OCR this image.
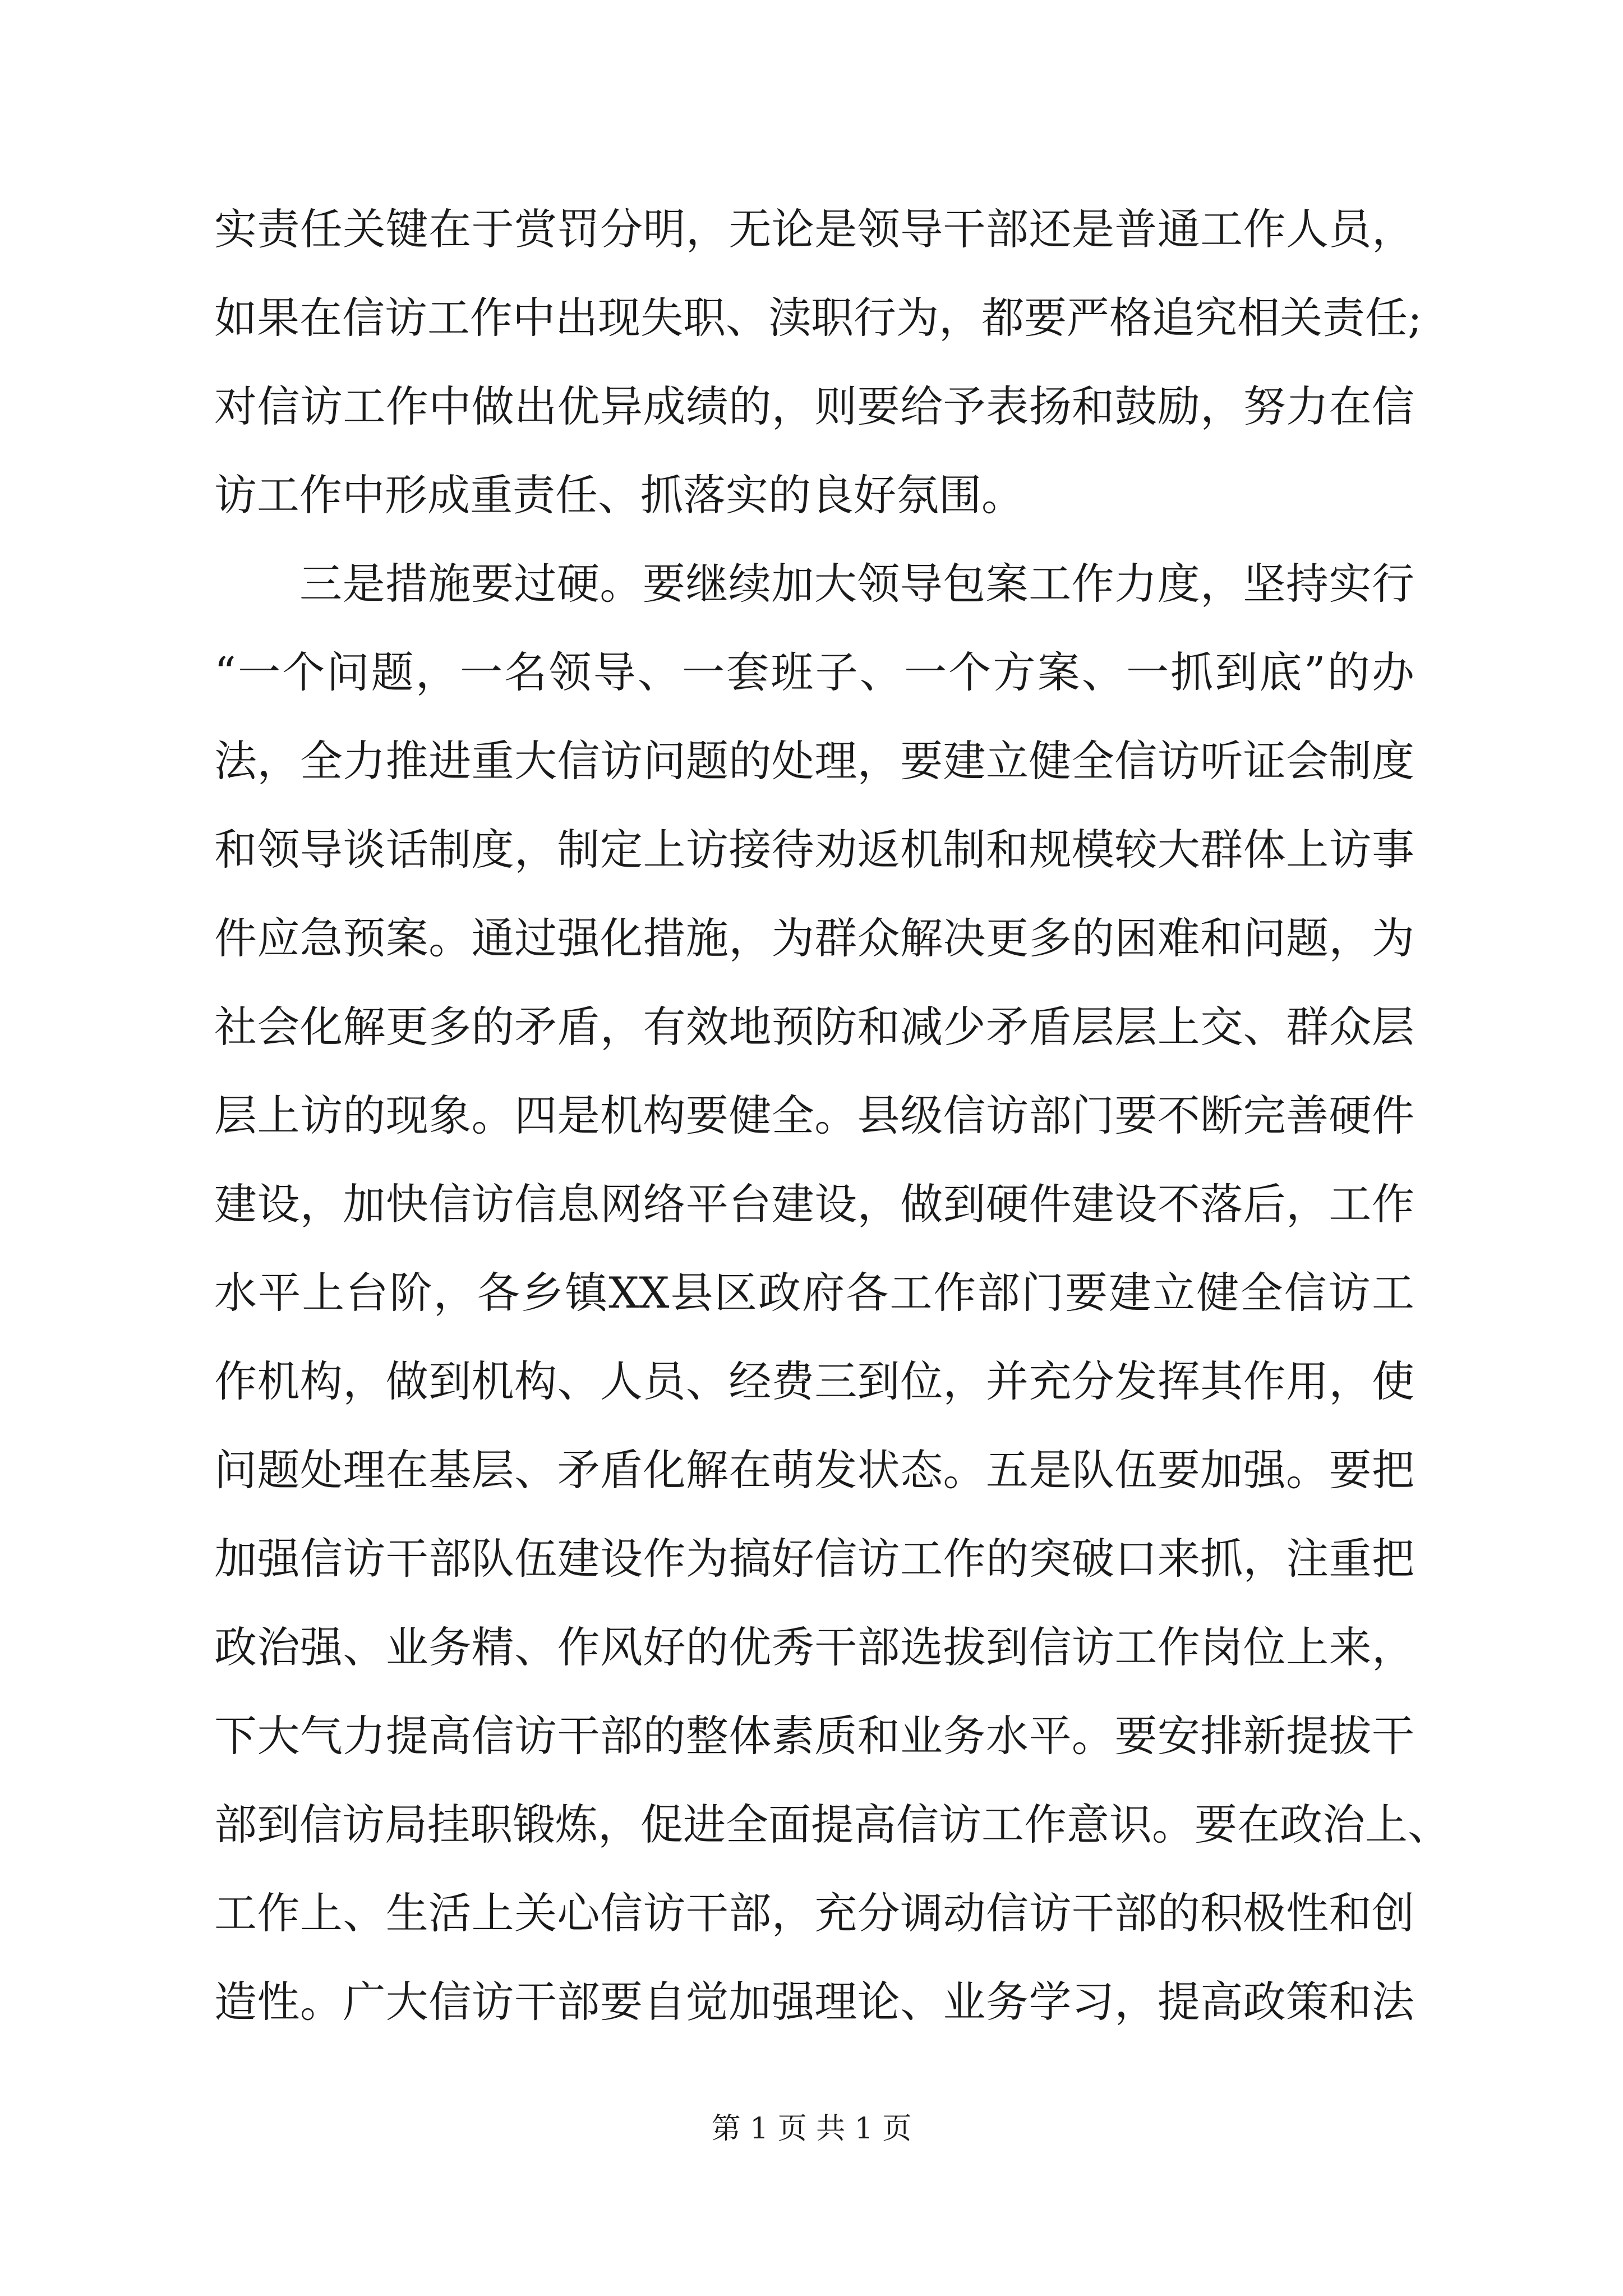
实责任关键在于赏罚分明，无论是领导干部还是普通工作人员，
如果在信访工作中出现失职、渎职行为，都要严格追究相关责任;
对信访工作中做出优异成绩的，则要给予表扬和鼓励，努力在信
访工作中形成重责任、抓落实的良好氛围。
三是措施要过硬。要继续加大领导包案工作力度，坚持实行
“一个问题，一名领导、一套班子、一个方案、一抓到底”的办
法，全力推进重大信访问题的处理，要建立健全信访听证会制度
和领导谈话制度，制定上访接待劝返机制和规模较大群体上访事
件应急预案。通过强化措施，为群众解决更多的困难和问题，为
社会化解更多的矛盾，有效地预防和减少矛盾层层上交、群众层
层上访的现象。四是机构要健全。县级信访部门要不断完善硬件
建设，加快信访信息网络平台建设，做到硬件建设不落后，工作
水平上台阶，各乡镇XX县区政府各工作部门要建立健全信访工
作机构，做到机构、人员、经费三到位，并充分发挥其作用，使
问题处理在基层、矛盾化解在萌发状态。五是队伍要加强。要把
加强信访干部队伍建设作为搞好信访工作的突破口来抓，注重把
政治强、业务精、作风好的优秀干部选拔到信访工作岗位上来，
下大气力提高信访干部的整体素质和业务水平。要安排新提拔干
部到信访局挂职锻炼，促进全面提高信访工作意识。要在政治上、
工作上、生活上关心信访干部，充分调动信访干部的积极性和创
造性。广大信访干部要自觉加强理论、业务学习，提高政策和法
第 1 页 共 1 页
